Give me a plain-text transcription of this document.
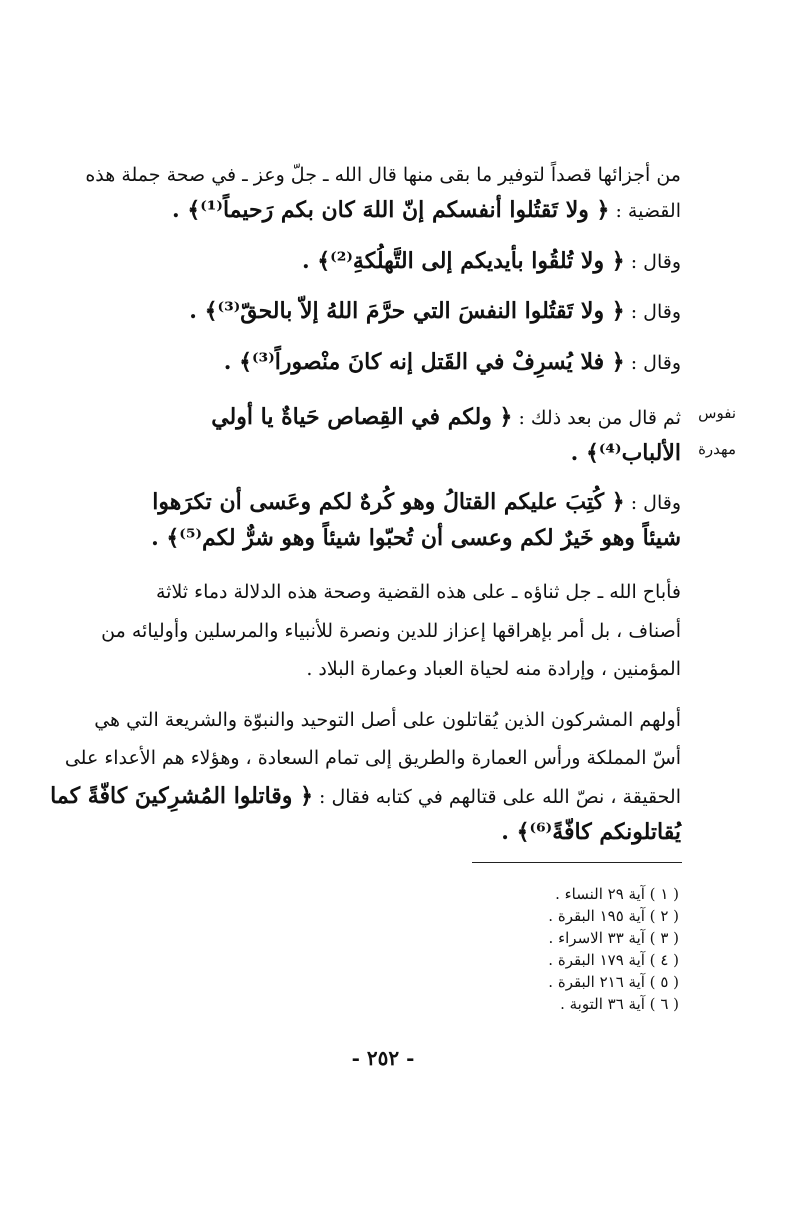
من أجزائها قصداً لتوفير ما بقى منها قال الله ـ جلّ وعز ـ في صحة جملة هذه
القضية : ﴿ ولا تَقتُلوا أنفسكم إنّ اللهَ كان بكم رَحيماً⁽¹⁾﴾ .
وقال : ﴿ ولا تُلقُوا بأيديكم إلى التَّهلُكةِ⁽²⁾﴾ .
وقال : ﴿ ولا تَقتُلوا النفسَ التي حرَّمَ اللهُ إلاّ بالحقّ⁽³⁾﴾ .
وقال : ﴿ فلا يُسرِفْ في القَتل إنه كانَ منْصوراً⁽³⁾﴾ .
ثم قال من بعد ذلك : ﴿ ولكم في القِصاص حَياةٌ يا أولي
الألباب⁽⁴⁾﴾ .
نفوس
مهدرة
وقال : ﴿ كُتِبَ عليكم القتالُ وهو كُرهٌ لكم وعَسى أن تكرَهوا
شيئاً وهو خَيرٌ لكم وعسى أن تُحبّوا شيئاً وهو شرٌّ لكم⁽⁵⁾﴾ .
فأباح الله ـ جل ثناؤه ـ على هذه القضية وصحة هذه الدلالة دماء ثلاثة
أصناف ، بل أمر بإهراقها إعزاز للدين ونصرة للأنبياء والمرسلين وأوليائه من
المؤمنين ، وإرادة منه لحياة العباد وعمارة البلاد .
أولهم المشركون الذين يُقاتلون على أصل التوحيد والنبوّة والشريعة التي هي
أسّ المملكة ورأس العمارة والطريق إلى تمام السعادة ، وهؤلاء هم الأعداء على
الحقيقة ، نصّ الله على قتالهم في كتابه فقال : ﴿ وقاتلوا المُشرِكينَ كافّةً كما
يُقاتلونكم كافّةً⁽⁶⁾﴾ .
( ١ ) آية ٢٩ النساء .
( ٢ ) آية ١٩٥ البقرة .
( ٣ ) آية ٣٣ الاسراء .
( ٤ ) آية ١٧٩ البقرة .
( ٥ ) آية ٢١٦ البقرة .
( ٦ ) آية ٣٦ التوبة .
- ٢٥٢ -
